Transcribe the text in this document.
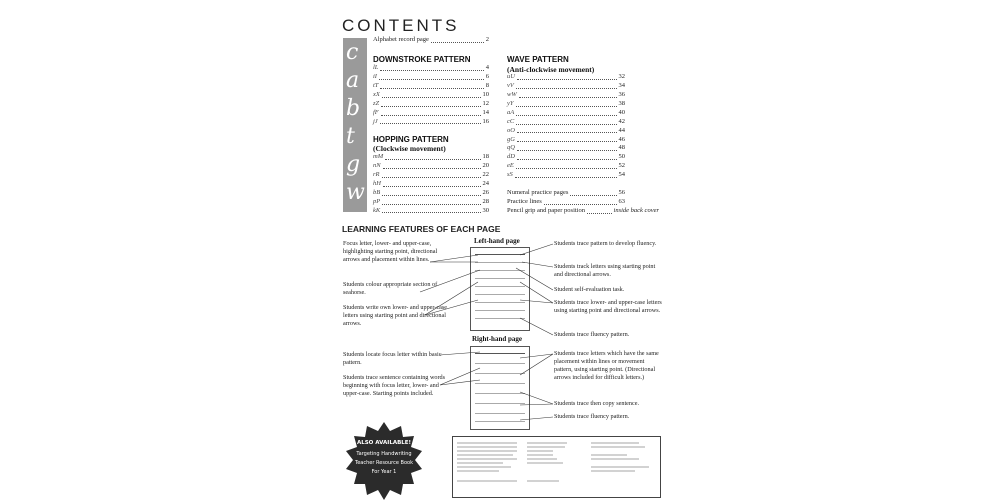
CONTENTS
c
a
b
t
g
w
Alphabet record page	2
DOWNSTROKE PATTERN
lL	4
iI	6
tT	8
xX	10
zZ	12
fF	14
jJ	16
HOPPING PATTERN
(Clockwise movement)
mM	18
nN	20
rR	22
hH	24
bB	26
pP	28
kK	30
WAVE PATTERN
(Anti-clockwise movement)
uU	32
vV	34
wW	36
yY	38
aA	40
cC	42
oO	44
gG	46
qQ	48
dD	50
eE	52
sS	54
Numeral practice pages	56
Practice lines	63
Pencil grip and paper position	inside back cover
LEARNING FEATURES OF EACH PAGE
Left-hand page
Right-hand page
Focus letter, lower- and upper-case, highlighting starting point, directional arrows and placement within lines.
Students colour appropriate section of seahorse.
Students write own lower- and upper-case letters using starting point and directional arrows.
Students locate focus letter within basic pattern.
Students trace sentence containing words beginning with focus letter, lower- and upper-case. Starting points included.
Students trace pattern to develop fluency.
Students track letters using starting point and directional arrows.
Student self-evaluation task.
Students trace lower- and upper-case letters using starting point and directional arrows.
Students trace fluency pattern.
Students trace letters which have the same placement within lines or movement pattern, using starting point. (Directional arrows included for difficult letters.)
Students trace then copy sentence.
Students trace fluency pattern.
ALSO AVAILABLE!
Targeting Handwriting
Teacher Resource Book
For Year 1
